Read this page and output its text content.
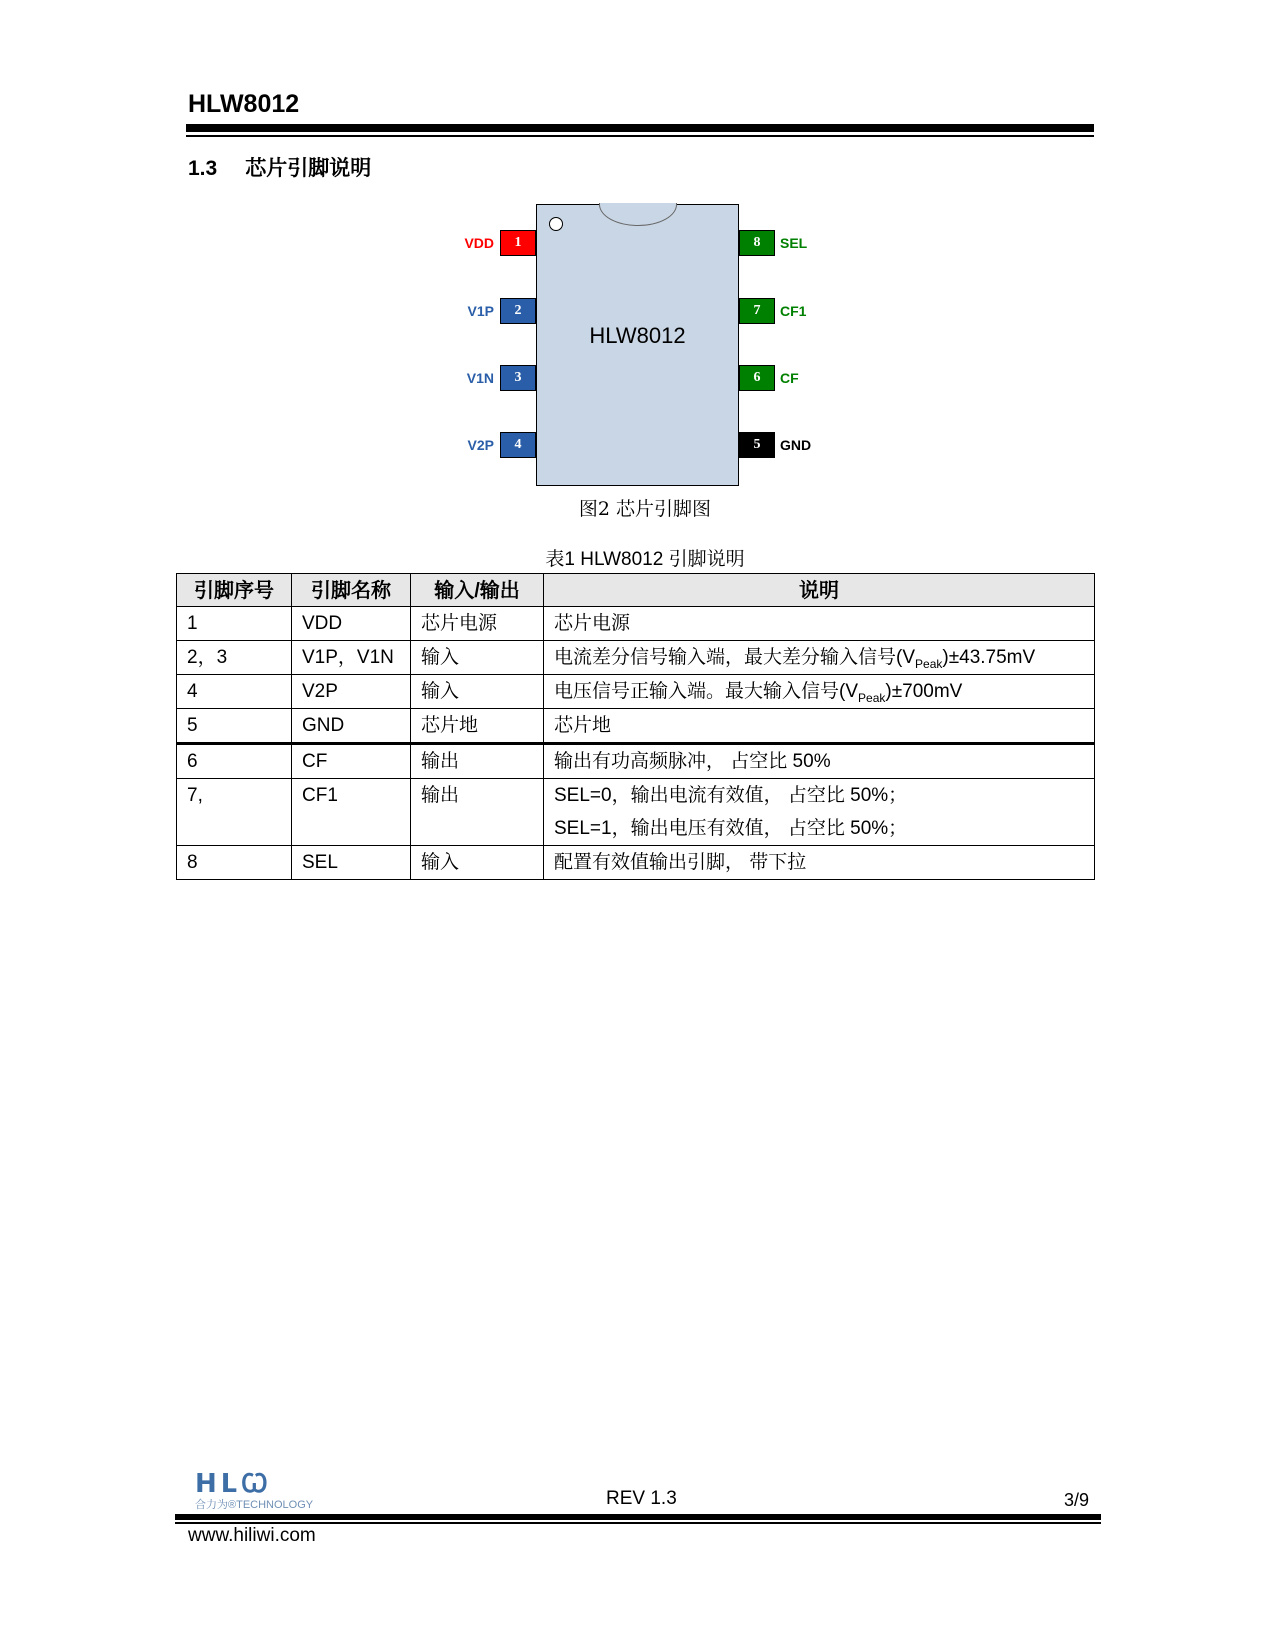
HLW8012
1.3 芯片引脚说明
HLW8012
1
VDD
2
V1P
3
V1N
4
V2P
8	SEL
7	CF1
6	CF
5	GND
图2 芯片引脚图
表1 HLW8012 引脚说明
引脚序号	引脚名称	输入/输出	说明
1	VDD	芯片电源	芯片电源

2，3	V1P，V1N	输入	电流差分信号输入端，最大差分输入信号$(V_{Peak})\pm 43.75mV$
4	V2P	输入	电压信号正输入端。最大输入信号$(V_{Peak})\pm 700mV$
5	GND	芯片地	芯片地

6	CF	输出	输出有功高频脉冲， 占空比 50%

7,	CF1	输出	SEL=0，输出电流有效值， 占空比 50%；
SEL=1，输出电压有效值， 占空比 50%；

8	SEL	输入	配置有效值输出引脚， 带下拉
ᕼᒪꞶ
合力为®TECHNOLOGY	REV 1.3	3/9
www.hiliwi.com
